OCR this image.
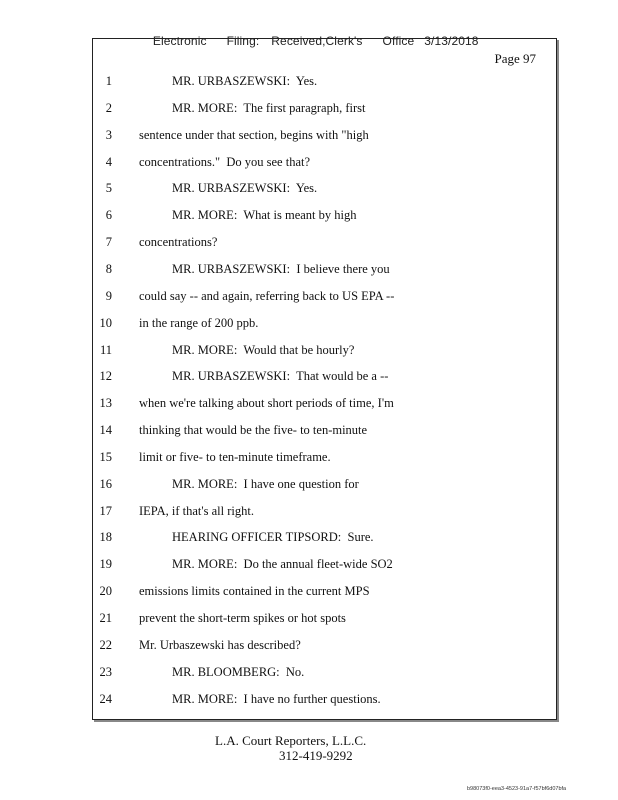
Electronic Filing: Received,Clerk's Office 3/13/2018

Page 97
1	MR. URBASZEWSKI:  Yes.
2	MR. MORE:  The first paragraph, first
3 sentence under that section, begins with "high
4 concentrations."  Do you see that?
5	MR. URBASZEWSKI:  Yes.
6	MR. MORE:  What is meant by high
7 concentrations?
8	MR. URBASZEWSKI:  I believe there you
9 could say -- and again, referring back to US EPA --
10 in the range of 200 ppb.
11	MR. MORE:  Would that be hourly?
12	MR. URBASZEWSKI:  That would be a --
13 when we're talking about short periods of time, I'm
14 thinking that would be the five- to ten-minute
15 limit or five- to ten-minute timeframe.
16	MR. MORE:  I have one question for
17 IEPA, if that's all right.
18	HEARING OFFICER TIPSORD:  Sure.
19	MR. MORE:  Do the annual fleet-wide SO2
20 emissions limits contained in the current MPS
21 prevent the short-term spikes or hot spots
22 Mr. Urbaszewski has described?
23	MR. BLOOMBERG:  No.
24	MR. MORE:  I have no further questions.
L.A. Court Reporters, L.L.C.
312-419-9292
b98073f0-eea3-4523-91a7-f57bf6d07bfa
